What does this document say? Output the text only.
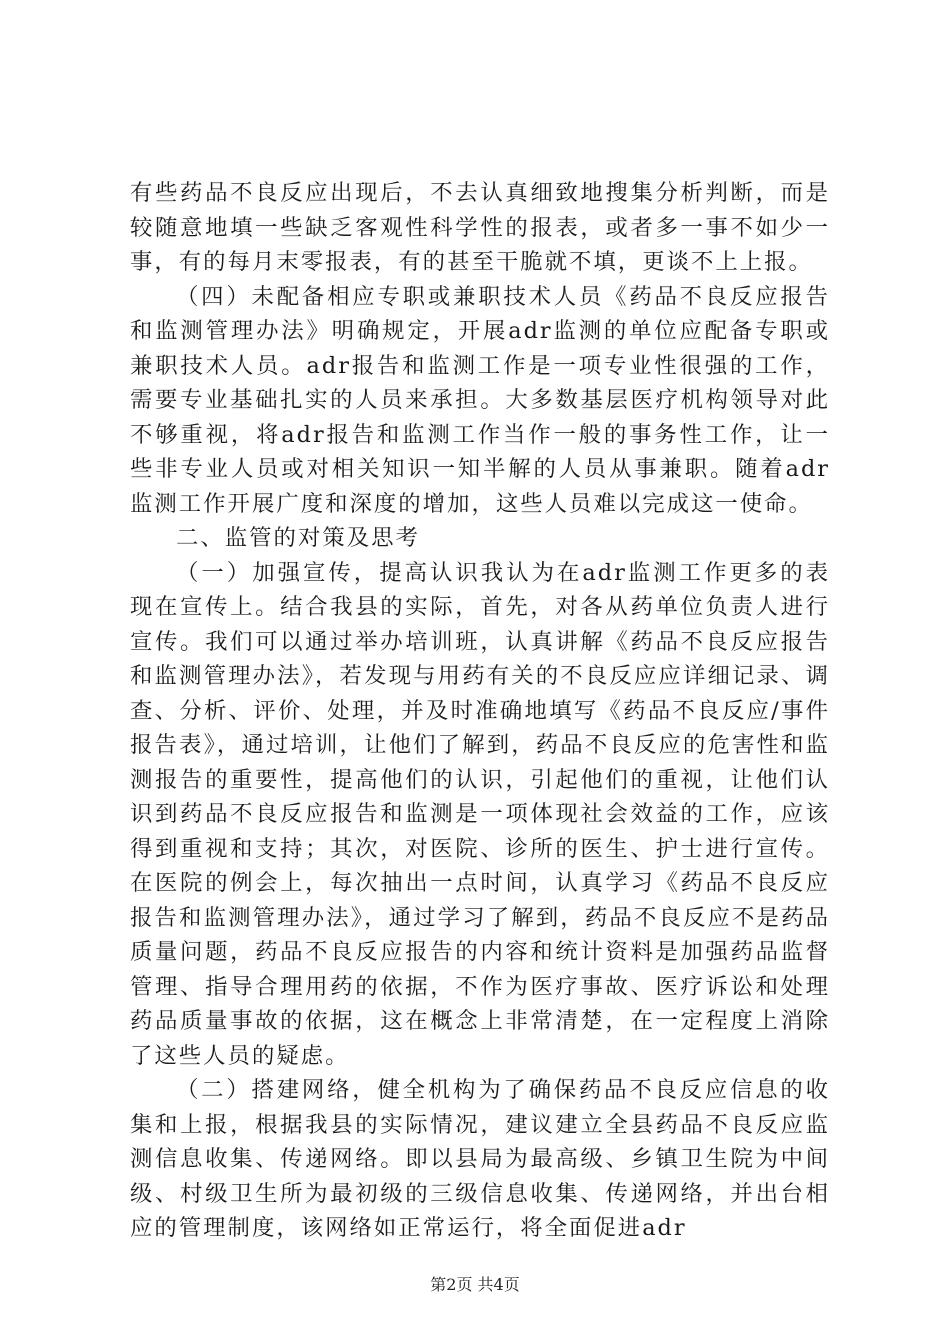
有些药品不良反应出现后，不去认真细致地搜集分析判断，而是较随意地填一些缺乏客观性科学性的报表，或者多一事不如少一事，有的每月末零报表，有的甚至干脆就不填，更谈不上上报。

（四）未配备相应专职或兼职技术人员《药品不良反应报告和监测管理办法》明确规定，开展adr监测的单位应配备专职或兼职技术人员。adr报告和监测工作是一项专业性很强的工作，需要专业基础扎实的人员来承担。大多数基层医疗机构领导对此不够重视，将adr报告和监测工作当作一般的事务性工作，让一些非专业人员或对相关知识一知半解的人员从事兼职。随着adr监测工作开展广度和深度的增加，这些人员难以完成这一使命。

二、监管的对策及思考

（一）加强宣传，提高认识我认为在adr监测工作更多的表现在宣传上。结合我县的实际，首先，对各从药单位负责人进行宣传。我们可以通过举办培训班，认真讲解《药品不良反应报告和监测管理办法》，若发现与用药有关的不良反应应详细记录、调查、分析、评价、处理，并及时准确地填写《药品不良反应/事件报告表》，通过培训，让他们了解到，药品不良反应的危害性和监测报告的重要性，提高他们的认识，引起他们的重视，让他们认识到药品不良反应报告和监测是一项体现社会效益的工作，应该得到重视和支持；其次，对医院、诊所的医生、护士进行宣传。在医院的例会上，每次抽出一点时间，认真学习《药品不良反应报告和监测管理办法》，通过学习了解到，药品不良反应不是药品质量问题，药品不良反应报告的内容和统计资料是加强药品监督管理、指导合理用药的依据，不作为医疗事故、医疗诉讼和处理药品质量事故的依据，这在概念上非常清楚，在一定程度上消除了这些人员的疑虑。

（二）搭建网络，健全机构为了确保药品不良反应信息的收集和上报，根据我县的实际情况，建议建立全县药品不良反应监测信息收集、传递网络。即以县局为最高级、乡镇卫生院为中间级、村级卫生所为最初级的三级信息收集、传递网络，并出台相应的管理制度，该网络如正常运行，将全面促进adr

第2页 共4页
